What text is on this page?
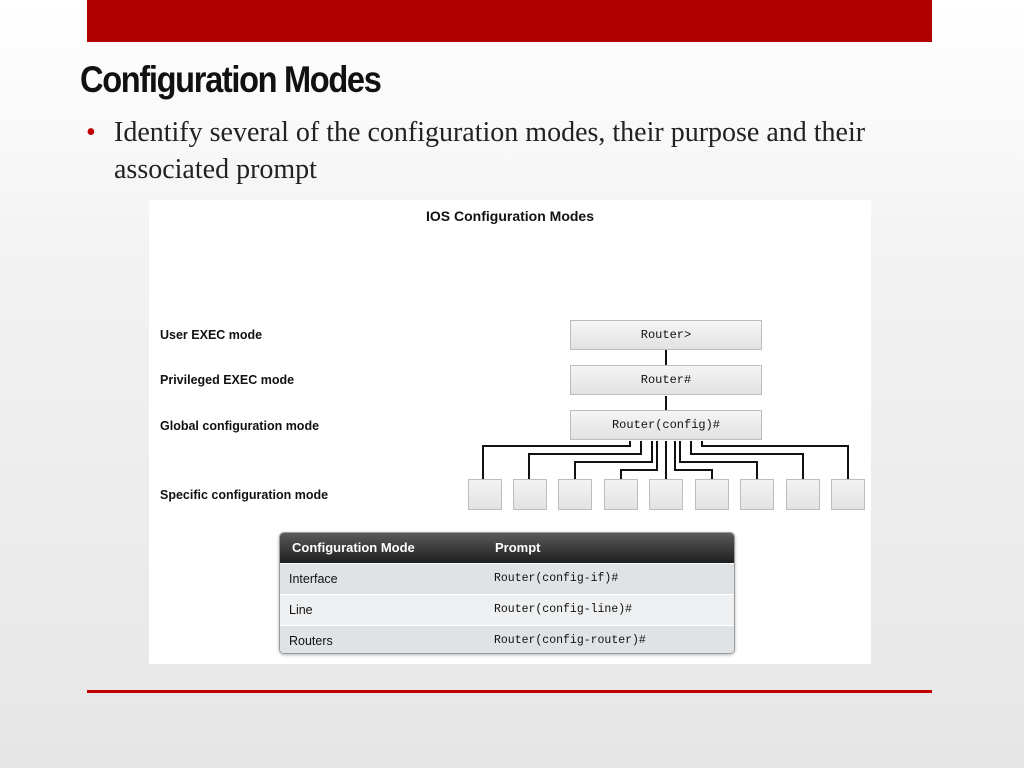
Configuration Modes
• Identify several of the configuration modes, their purpose and their associated prompt
IOS Configuration Modes
User EXEC mode
Privileged EXEC mode
Global configuration mode
Specific configuration mode
Router>
Router#
Router(config)#
Configuration Mode	Prompt
Interface	Router(config-if)#
Line	Router(config-line)#
Routers	Router(config-router)#
